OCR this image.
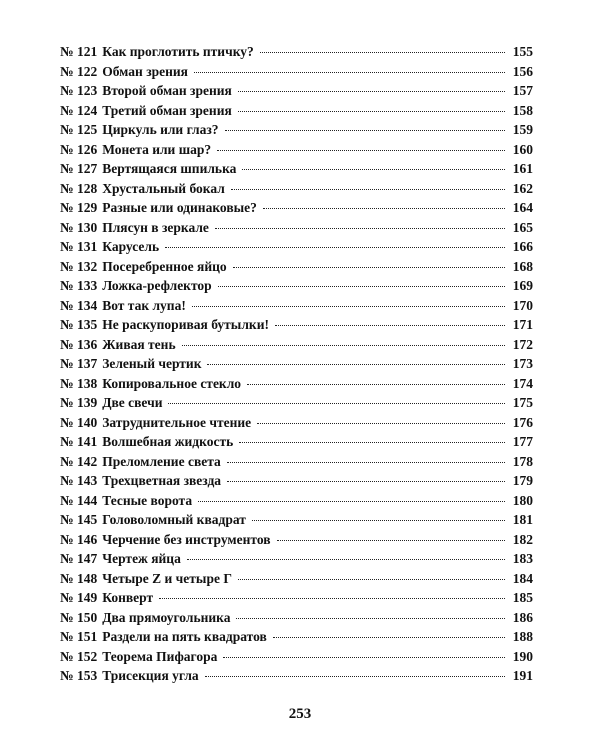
№ 121 Как проглотить птичку?	155
№ 122 Обман зрения	156
№ 123 Второй обман зрения	157
№ 124 Третий обман зрения	158
№ 125 Циркуль или глаз?	159
№ 126 Монета или шар?	160
№ 127 Вертящаяся шпилька	161
№ 128 Хрустальный бокал	162
№ 129 Разные или одинаковые?	164
№ 130 Плясун в зеркале	165
№ 131 Карусель	166
№ 132 Посеребренное яйцо	168
№ 133 Ложка-рефлектор	169
№ 134 Вот так лупа!	170
№ 135 Не раскупоривая бутылки!	171
№ 136 Живая тень	172
№ 137 Зеленый чертик	173
№ 138 Копировальное стекло	174
№ 139 Две свечи	175
№ 140 Затруднительное чтение	176
№ 141 Волшебная жидкость	177
№ 142 Преломление света	178
№ 143 Трехцветная звезда	179
№ 144 Тесные ворота	180
№ 145 Головоломный квадрат	181
№ 146 Черчение без инструментов	182
№ 147 Чертеж яйца	183
№ 148 Четыре Z и четыре Г	184
№ 149 Конверт	185
№ 150 Два прямоугольника	186
№ 151 Раздели на пять квадратов	188
№ 152 Теорема Пифагора	190
№ 153 Трисекция угла	191
253
